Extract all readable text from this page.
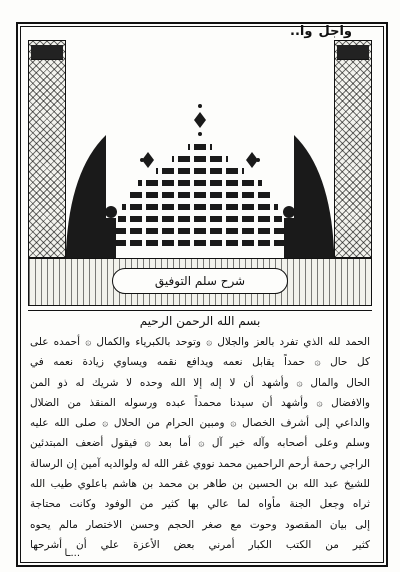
واجل
وا..
شرح سلم التوفيق
بسم الله الرحمن الرحيم
الحمد لله الذي تفرد بالعز والجلال ۞ وتوحد بالكبرياء والكمال ۞ أحمده على
كل حال ۞ حمداً يقابل نعمه ويدافع نقمه ويساوي زيادة نعمه في
الحال والمال ۞ وأشهد أن لا إله إلا الله وحده لا شريك له ذو المن
والافضال ۞ وأشهد أن سيدنا محمداً عبده ورسوله المنقذ من الضلال
والداعي إلى أشرف الخصال ۞ ومبين الحرام من الحلال ۞ صلى الله عليه
وسلم وعلى أصحابه وآله خير آل ۞ أما بعد ۞ فيقول أضعف المبتدئين
الراجي رحمة أرحم الراحمين محمد نووي غفر الله له ولوالديه آمين إن الرسالة
للشيخ عبد الله بن الحسين بن طاهر بن محمد بن هاشم باعلوي طيب الله
ثراه وجعل الجنة مأواه لما عالي بها كثير من الوفود وكانت محتاجة
إلى بيان المقصود وحوت مع صغر الحجم وحسن الاختصار مالم يحوه
كثير من الكتب الكبار أمرني بعض الأعزة علي أن أشرحها
...ـا
